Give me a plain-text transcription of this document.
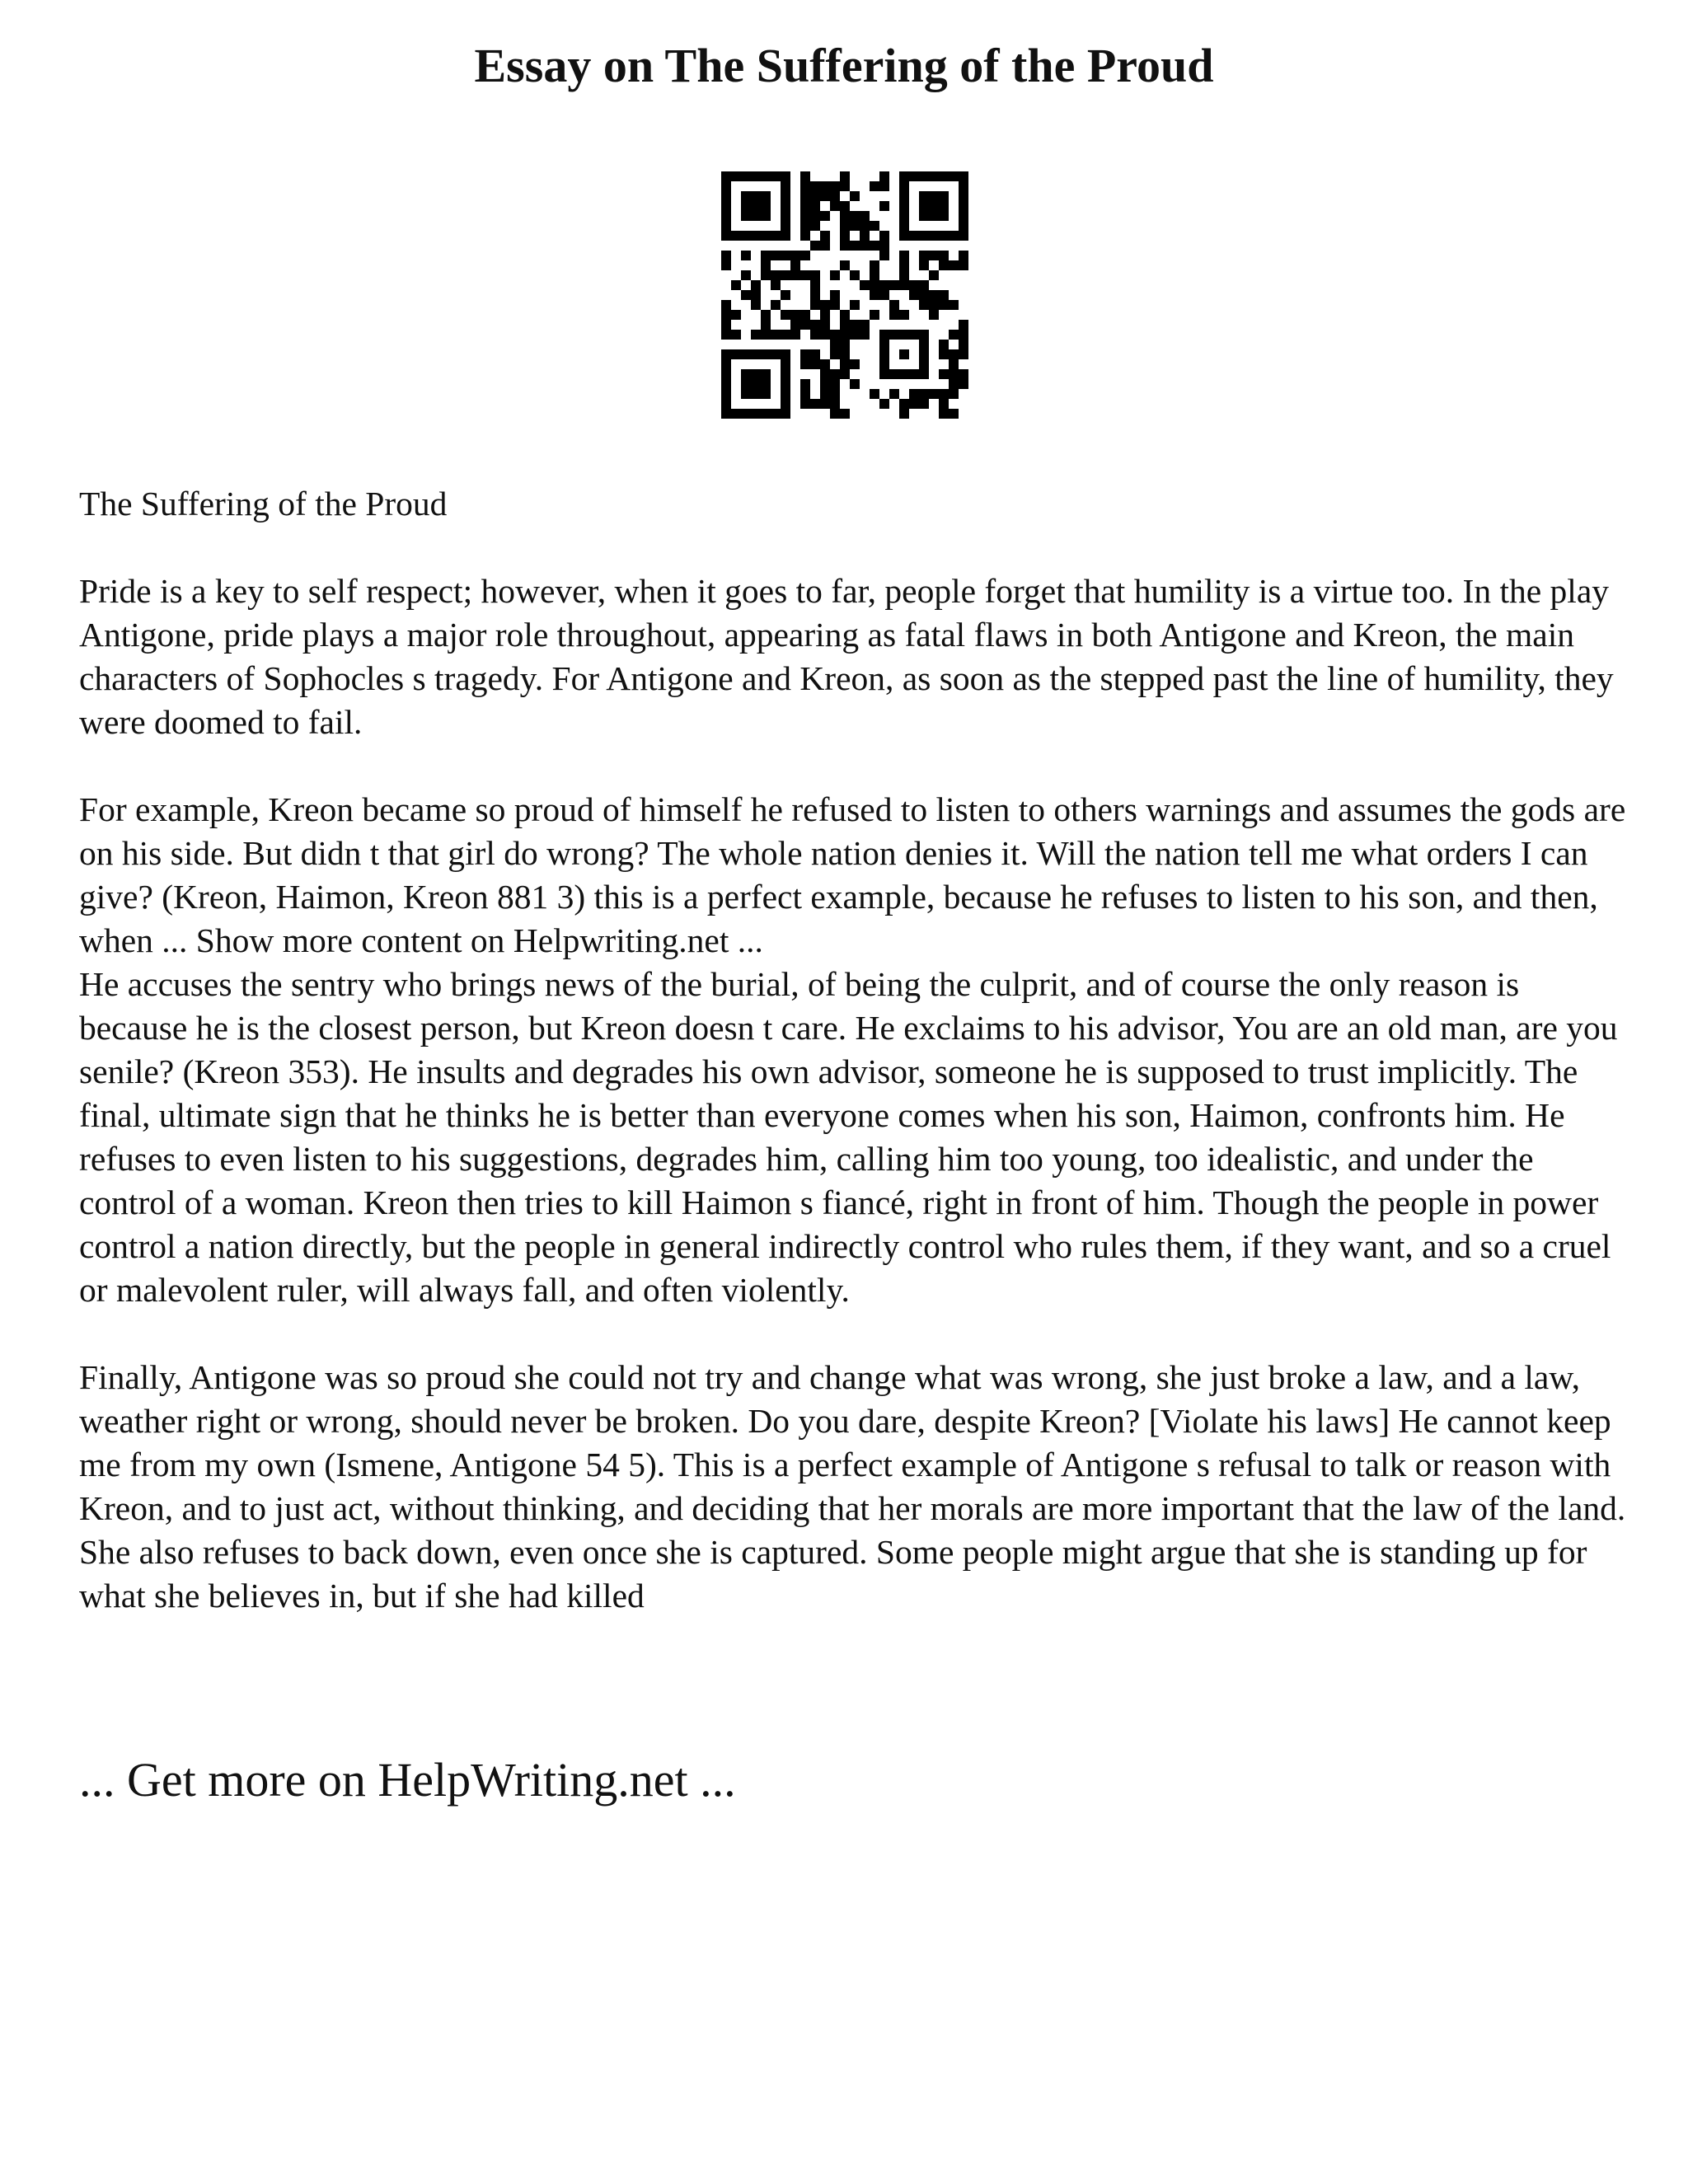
Essay on The Suffering of the Proud

The Suffering of the Proud

Pride is a key to self respect; however, when it goes to far, people forget that humility is a virtue too. In the play Antigone, pride plays a major role throughout, appearing as fatal flaws in both Antigone and Kreon, the main characters of Sophocles s tragedy. For Antigone and Kreon, as soon as the stepped past the line of humility, they were doomed to fail.

For example, Kreon became so proud of himself he refused to listen to others warnings and assumes the gods are on his side. But didn t that girl do wrong? The whole nation denies it. Will the nation tell me what orders I can give? (Kreon, Haimon, Kreon 881 3) this is a perfect example, because he refuses to listen to his son, and then, when ... Show more content on Helpwriting.net ...

He accuses the sentry who brings news of the burial, of being the culprit, and of course the only reason is because he is the closest person, but Kreon doesn t care. He exclaims to his advisor, You are an old man, are you senile? (Kreon 353). He insults and degrades his own advisor, someone he is supposed to trust implicitly. The final, ultimate sign that he thinks he is better than everyone comes when his son, Haimon, confronts him. He refuses to even listen to his suggestions, degrades him, calling him too young, too idealistic, and under the control of a woman. Kreon then tries to kill Haimon s fiancé, right in front of him. Though the people in power control a nation directly, but the people in general indirectly control who rules them, if they want, and so a cruel or malevolent ruler, will always fall, and often violently.

Finally, Antigone was so proud she could not try and change what was wrong, she just broke a law, and a law, weather right or wrong, should never be broken. Do you dare, despite Kreon? [Violate his laws] He cannot keep me from my own (Ismene, Antigone 54 5). This is a perfect example of Antigone s refusal to talk or reason with Kreon, and to just act, without thinking, and deciding that her morals are more important that the law of the land. She also refuses to back down, even once she is captured. Some people might argue that she is standing up for what she believes in, but if she had killed

... Get more on HelpWriting.net ...
